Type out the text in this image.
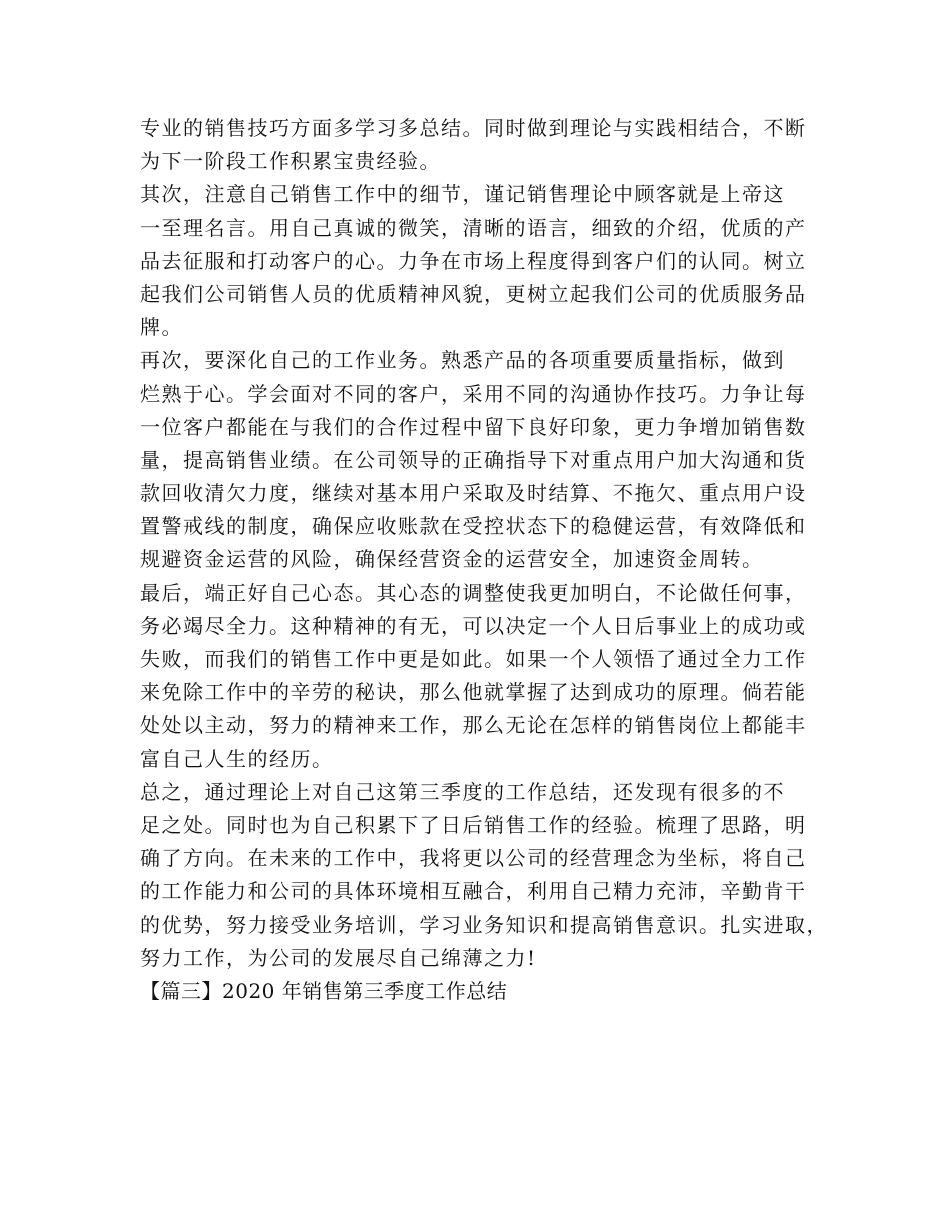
专业的销售技巧方面多学习多总结。同时做到理论与实践相结合，不断
为下一阶段工作积累宝贵经验。
其次，注意自己销售工作中的细节，谨记销售理论中顾客就是上帝这
一至理名言。用自己真诚的微笑，清晰的语言，细致的介绍，优质的产
品去征服和打动客户的心。力争在市场上程度得到客户们的认同。树立
起我们公司销售人员的优质精神风貌，更树立起我们公司的优质服务品
牌。
再次，要深化自己的工作业务。熟悉产品的各项重要质量指标，做到
烂熟于心。学会面对不同的客户，采用不同的沟通协作技巧。力争让每
一位客户都能在与我们的合作过程中留下良好印象，更力争增加销售数
量，提高销售业绩。在公司领导的正确指导下对重点用户加大沟通和货
款回收清欠力度，继续对基本用户采取及时结算、不拖欠、重点用户设
置警戒线的制度，确保应收账款在受控状态下的稳健运营，有效降低和
规避资金运营的风险，确保经营资金的运营安全，加速资金周转。
最后，端正好自己心态。其心态的调整使我更加明白，不论做任何事，
务必竭尽全力。这种精神的有无，可以决定一个人日后事业上的成功或
失败，而我们的销售工作中更是如此。如果一个人领悟了通过全力工作
来免除工作中的辛劳的秘诀，那么他就掌握了达到成功的原理。倘若能
处处以主动，努力的精神来工作，那么无论在怎样的销售岗位上都能丰
富自己人生的经历。
总之，通过理论上对自己这第三季度的工作总结，还发现有很多的不
足之处。同时也为自己积累下了日后销售工作的经验。梳理了思路，明
确了方向。在未来的工作中，我将更以公司的经营理念为坐标，将自己
的工作能力和公司的具体环境相互融合，利用自己精力充沛，辛勤肯干
的优势，努力接受业务培训，学习业务知识和提高销售意识。扎实进取，
努力工作，为公司的发展尽自己绵薄之力!
【篇三】2020 年销售第三季度工作总结
